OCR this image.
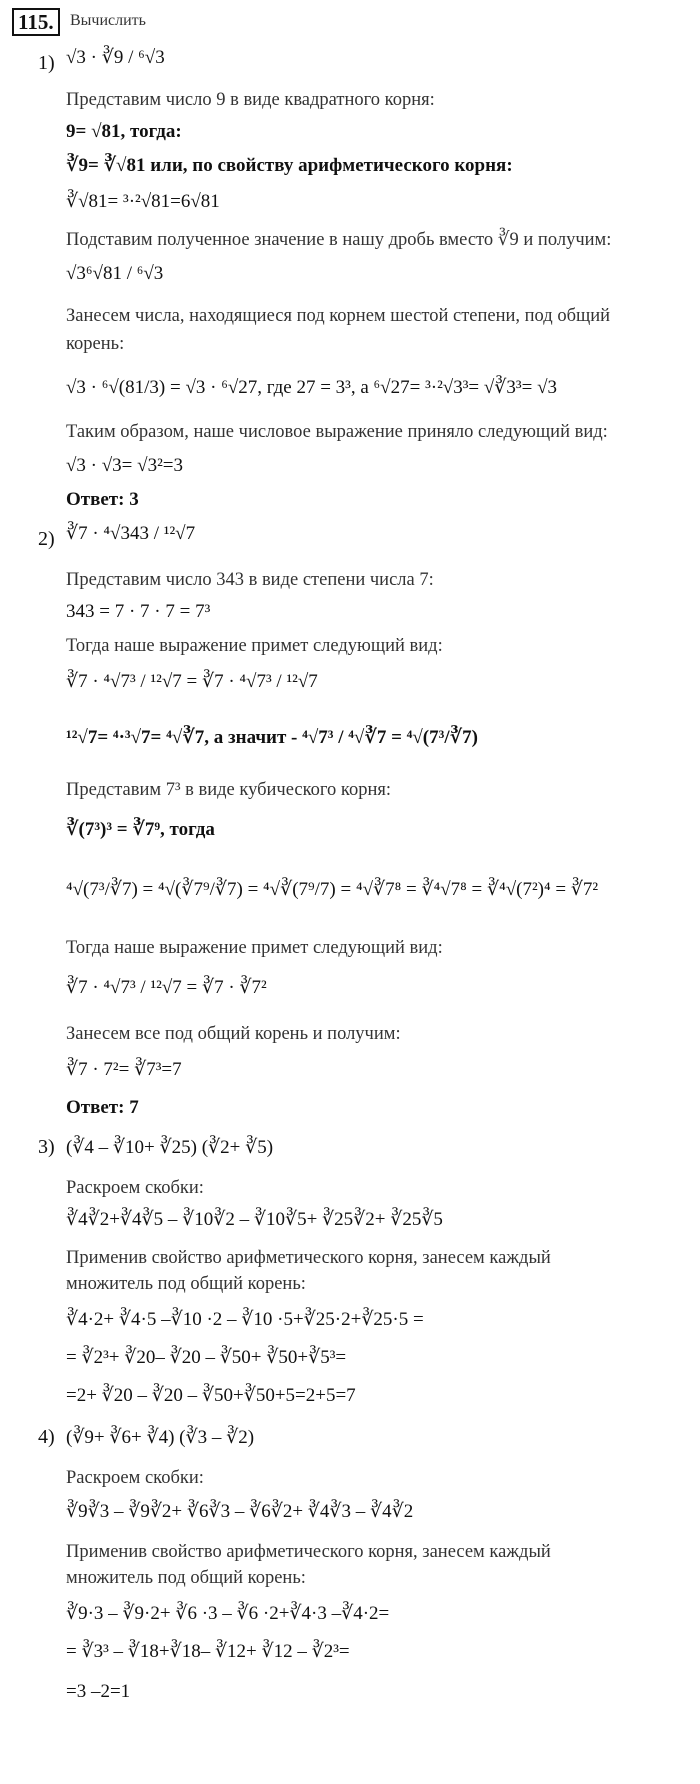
115.	Вычислить
1) √3 · ∛9 / ⁶√3
Представим число 9 в виде квадратного корня:
9= √81, тогда:
∛9= ∛√81 или, по свойству арифметического корня:
∛√81= ³·²√81=6√81
Подставим полученное значение в нашу дробь вместо ∛9 и получим:
√3⁶√81 / ⁶√3
Занесем числа, находящиеся под корнем шестой степени, под общий
корень:
√3 · ⁶√(81/3) = √3 · ⁶√27, где 27 = 3³, а ⁶√27= ³·²√3³= √∛3³= √3
Таким образом, наше числовое выражение приняло следующий вид:
√3 · √3= √3²=3
Ответ: 3
2) ∛7 · ⁴√343 / ¹²√7
Представим число 343 в виде степени числа 7:
343 = 7 · 7 · 7 = 7³
Тогда наше выражение примет следующий вид:
∛7 · ⁴√7³ / ¹²√7 = ∛7 · ⁴√7³ / ¹²√7
¹²√7= ⁴·³√7= ⁴√∛7, а значит - ⁴√7³ / ⁴√∛7 = ⁴√(7³/∛7)
Представим 7³ в виде кубического корня:
∛(7³)³ = ∛7⁹, тогда
⁴√(7³/∛7) = ⁴√(∛7⁹/∛7) = ⁴√∛(7⁹/7) = ⁴√∛7⁸ = ∛⁴√7⁸ = ∛⁴√(7²)⁴ = ∛7²
Тогда наше выражение примет следующий вид:
∛7 · ⁴√7³ / ¹²√7 = ∛7 · ∛7²
Занесем все под общий корень и получим:
∛7 · 7²= ∛7³=7
Ответ: 7
3) (∛4 – ∛10+ ∛25) (∛2+ ∛5)
Раскроем скобки:
∛4∛2+∛4∛5 – ∛10∛2 – ∛10∛5+ ∛25∛2+ ∛25∛5
Применив свойство арифметического корня, занесем каждый
множитель под общий корень:
∛4·2+ ∛4·5 –∛10 ·2 – ∛10 ·5+∛25·2+∛25·5 =
= ∛2³+ ∛20– ∛20 – ∛50+ ∛50+∛5³=
=2+ ∛20 – ∛20 – ∛50+∛50+5=2+5=7
4) (∛9+ ∛6+ ∛4) (∛3 – ∛2)
Раскроем скобки:
∛9∛3 – ∛9∛2+ ∛6∛3 – ∛6∛2+ ∛4∛3 – ∛4∛2
Применив свойство арифметического корня, занесем каждый
множитель под общий корень:
∛9·3 – ∛9·2+ ∛6 ·3 – ∛6 ·2+∛4·3 –∛4·2=
= ∛3³ – ∛18+∛18– ∛12+ ∛12 – ∛2³=
=3 –2=1
